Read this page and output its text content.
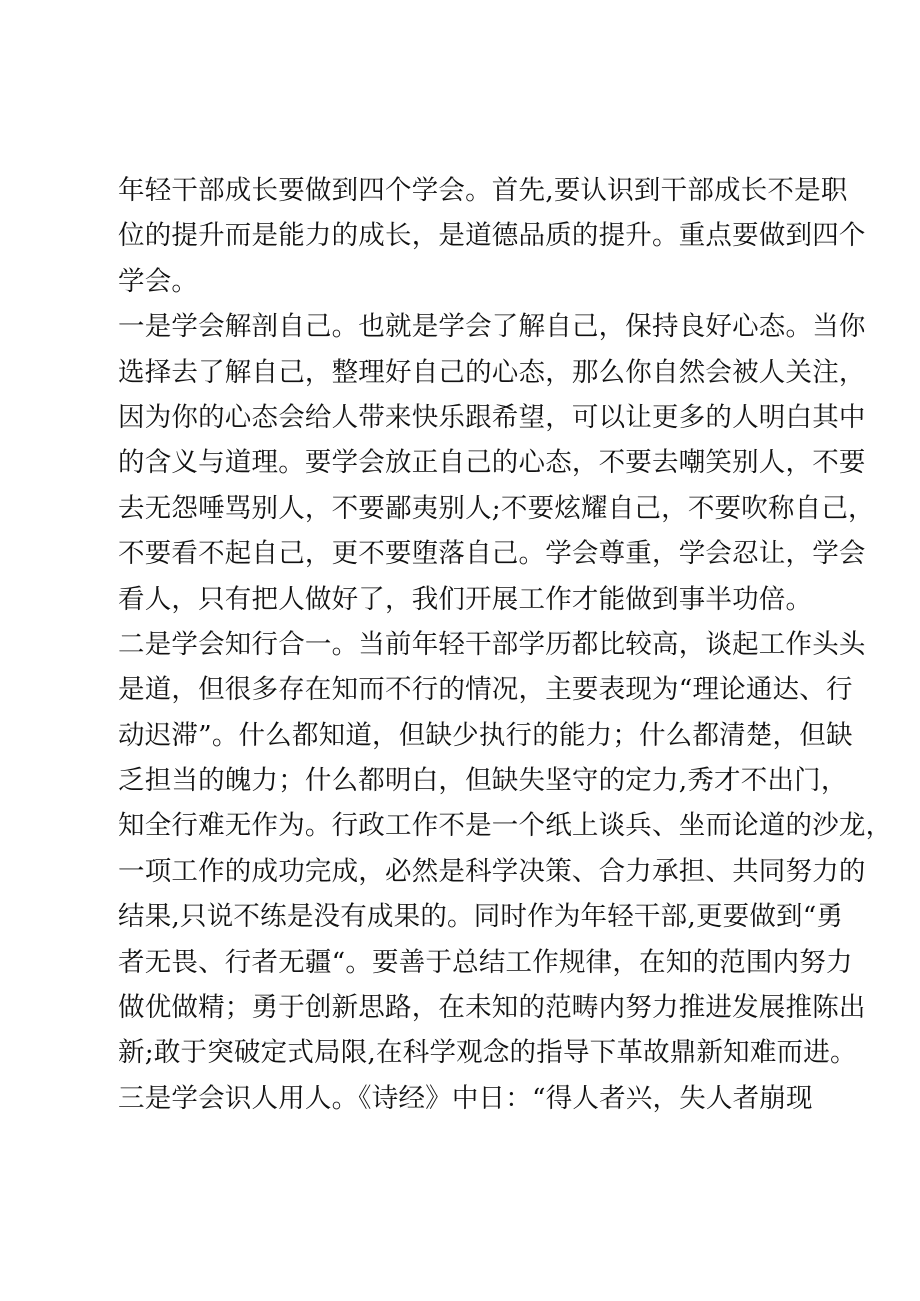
年轻干部成长要做到四个学会。首先,要认识到干部成长不是职
位的提升而是能力的成长，是道德品质的提升。重点要做到四个
学会。
一是学会解剖自己。也就是学会了解自己，保持良好心态。当你
选择去了解自己，整理好自己的心态，那么你自然会被人关注，
因为你的心态会给人带来快乐跟希望，可以让更多的人明白其中
的含义与道理。要学会放正自己的心态，不要去嘲笑别人，不要
去无怨唾骂别人，不要鄙夷别人;不要炫耀自己，不要吹称自己，
不要看不起自己，更不要堕落自己。学会尊重，学会忍让，学会
看人，只有把人做好了，我们开展工作才能做到事半功倍。
二是学会知行合一。当前年轻干部学历都比较高，谈起工作头头
是道，但很多存在知而不行的情况，主要表现为“理论通达、行
动迟滞”。什么都知道，但缺少执行的能力；什么都清楚，但缺
乏担当的魄力；什么都明白，但缺失坚守的定力,秀才不出门，
知全行难无作为。行政工作不是一个纸上谈兵、坐而论道的沙龙，
一项工作的成功完成，必然是科学决策、合力承担、共同努力的
结果,只说不练是没有成果的。同时作为年轻干部,更要做到“勇
者无畏、行者无疆“。要善于总结工作规律，在知的范围内努力
做优做精；勇于创新思路，在未知的范畴内努力推进发展推陈出
新;敢于突破定式局限,在科学观念的指导下革故鼎新知难而进。
三是学会识人用人。《诗经》中日：“得人者兴，失人者崩现
